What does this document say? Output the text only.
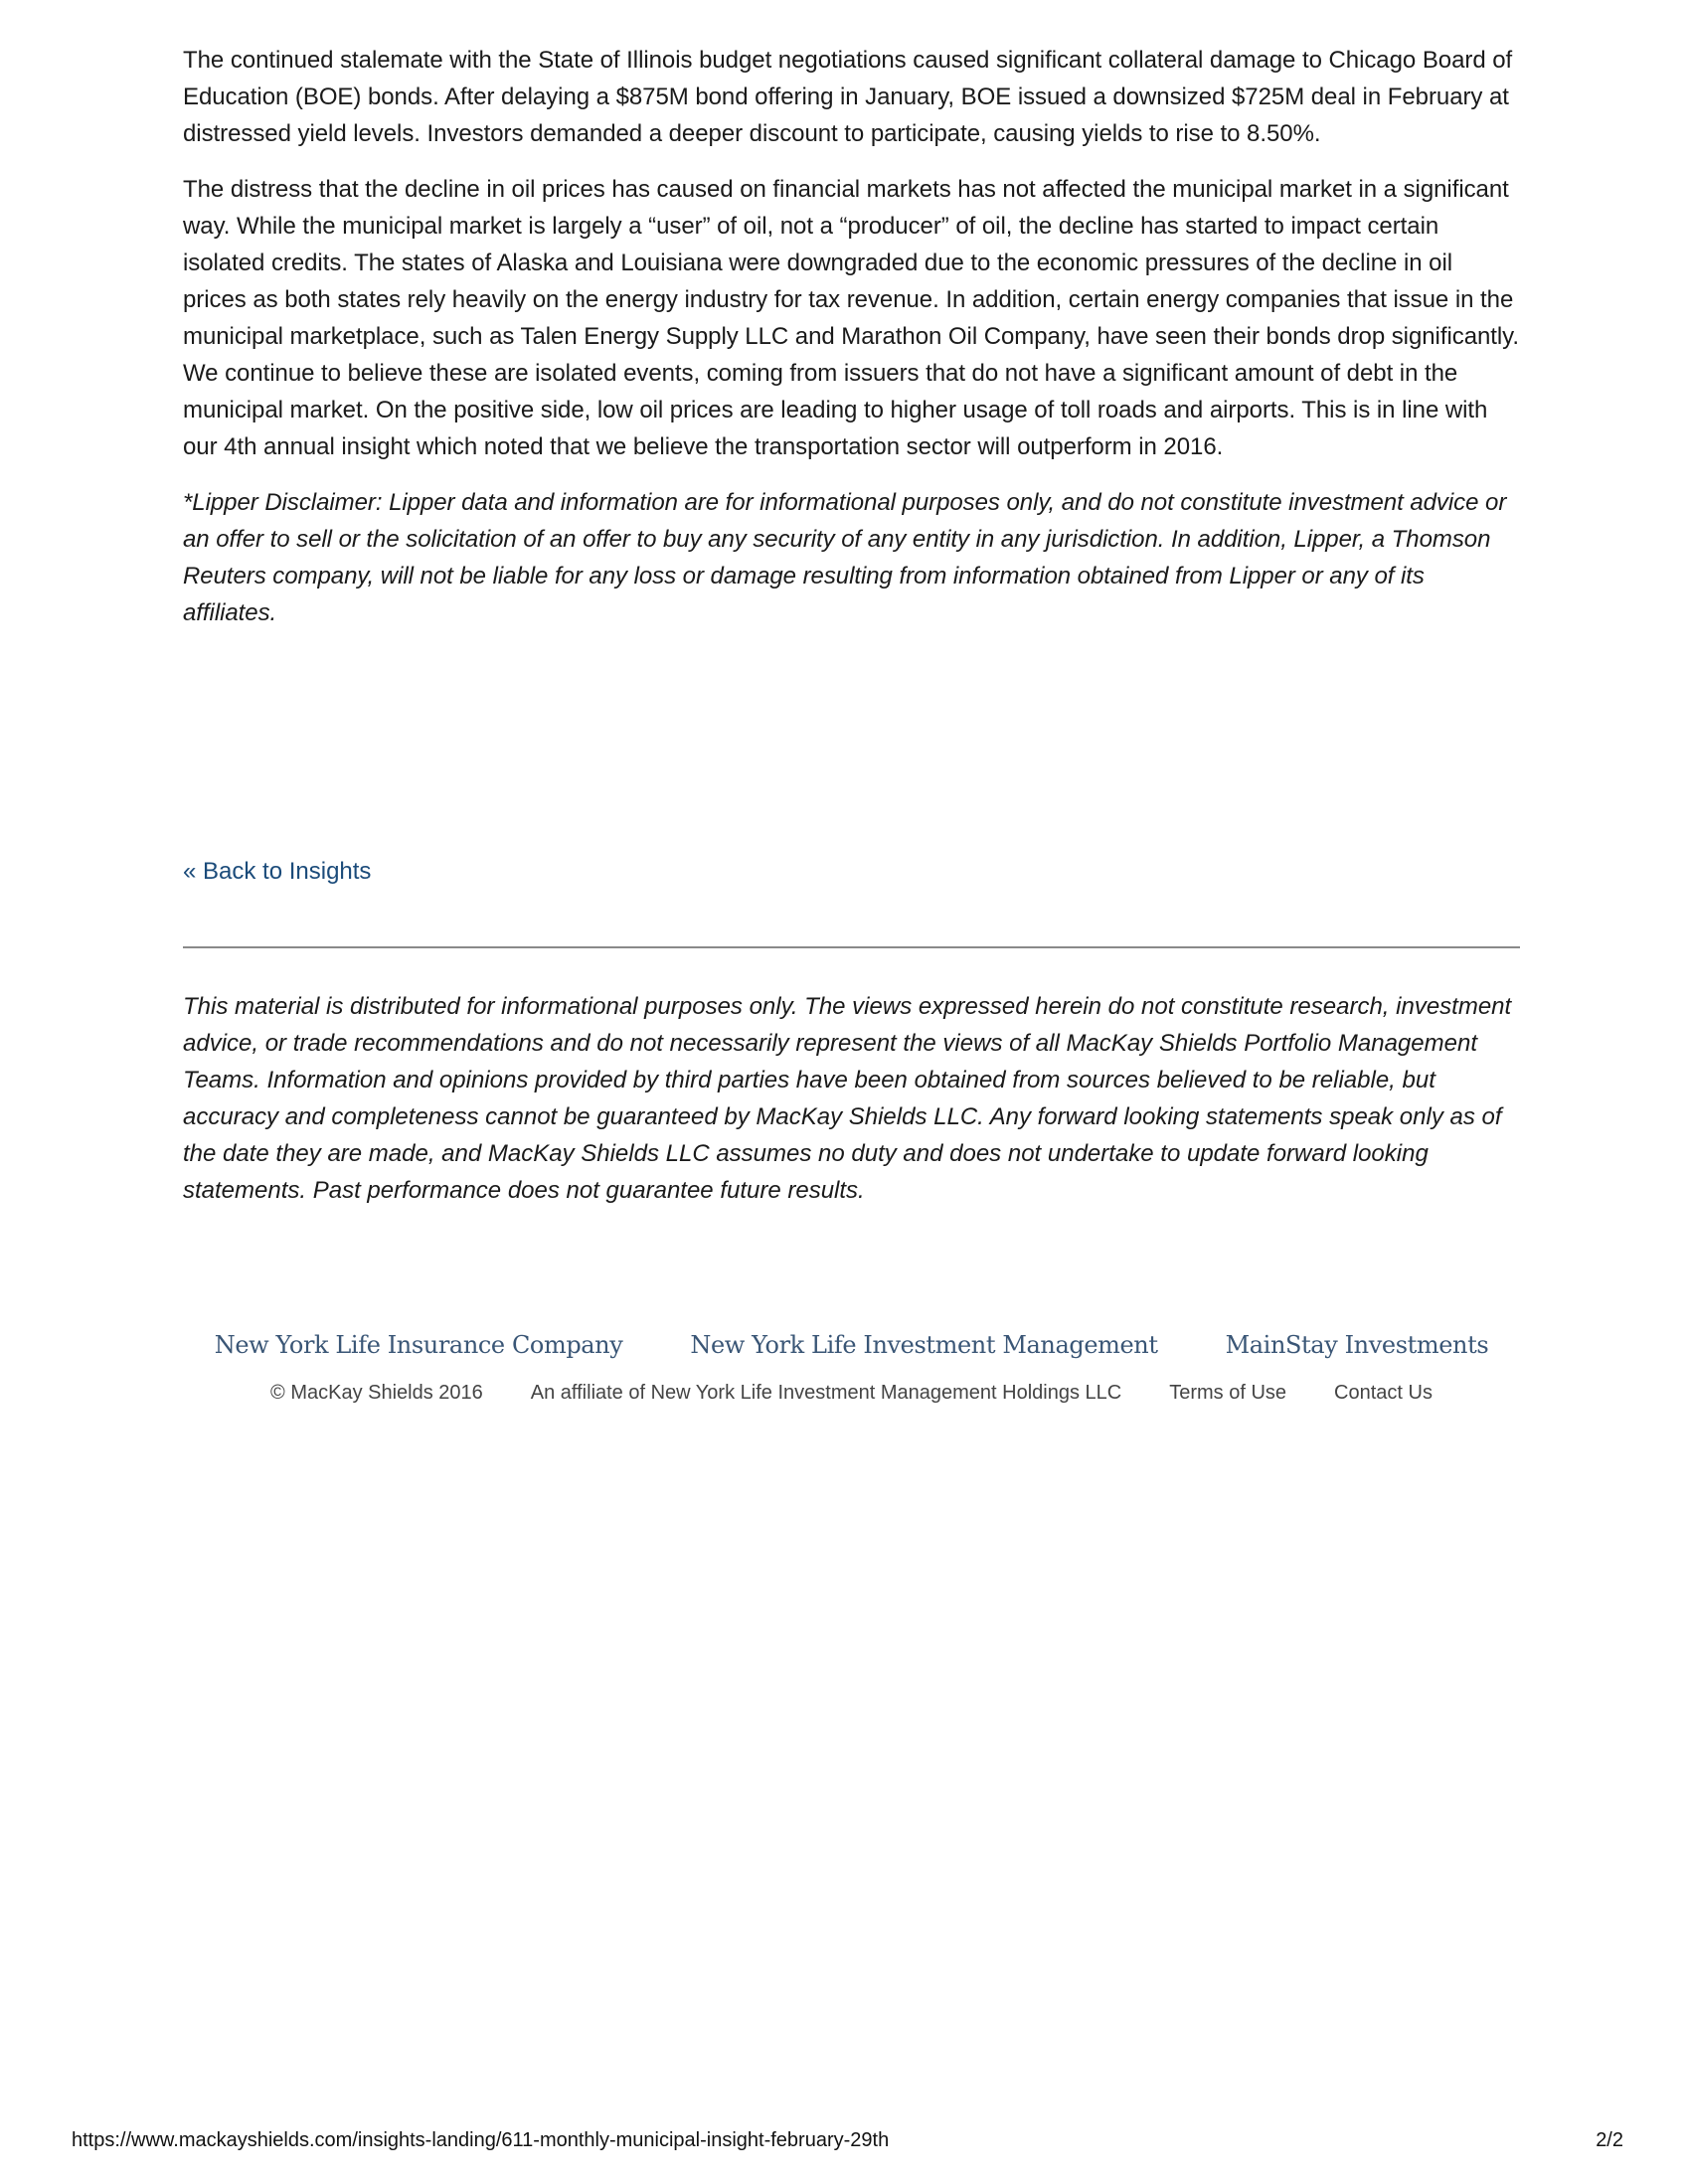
The continued stalemate with the State of Illinois budget negotiations caused significant collateral damage to Chicago Board of Education (BOE) bonds. After delaying a $875M bond offering in January, BOE issued a downsized $725M deal in February at distressed yield levels. Investors demanded a deeper discount to participate, causing yields to rise to 8.50%.

The distress that the decline in oil prices has caused on financial markets has not affected the municipal market in a significant way. While the municipal market is largely a “user” of oil, not a “producer” of oil, the decline has started to impact certain isolated credits. The states of Alaska and Louisiana were downgraded due to the economic pressures of the decline in oil prices as both states rely heavily on the energy industry for tax revenue. In addition, certain energy companies that issue in the municipal marketplace, such as Talen Energy Supply LLC and Marathon Oil Company, have seen their bonds drop significantly. We continue to believe these are isolated events, coming from issuers that do not have a significant amount of debt in the municipal market. On the positive side, low oil prices are leading to higher usage of toll roads and airports. This is in line with our 4th annual insight which noted that we believe the transportation sector will outperform in 2016.

*Lipper Disclaimer: Lipper data and information are for informational purposes only, and do not constitute investment advice or an offer to sell or the solicitation of an offer to buy any security of any entity in any jurisdiction. In addition, Lipper, a Thomson Reuters company, will not be liable for any loss or damage resulting from information obtained from Lipper or any of its affiliates.

« Back to Insights

This material is distributed for informational purposes only. The views expressed herein do not constitute research, investment advice, or trade recommendations and do not necessarily represent the views of all MacKay Shields Portfolio Management Teams. Information and opinions provided by third parties have been obtained from sources believed to be reliable, but accuracy and completeness cannot be guaranteed by MacKay Shields LLC. Any forward looking statements speak only as of the date they are made, and MacKay Shields LLC assumes no duty and does not undertake to update forward looking statements. Past performance does not guarantee future results.

New York Life Insurance Company	New York Life Investment Management	MainStay Investments
© MacKay Shields 2016 An affiliate of New York Life Investment Management Holdings LLC Terms of Use Contact Us
https://www.mackayshields.com/insights-landing/611-monthly-municipal-insight-february-29th	2/2
